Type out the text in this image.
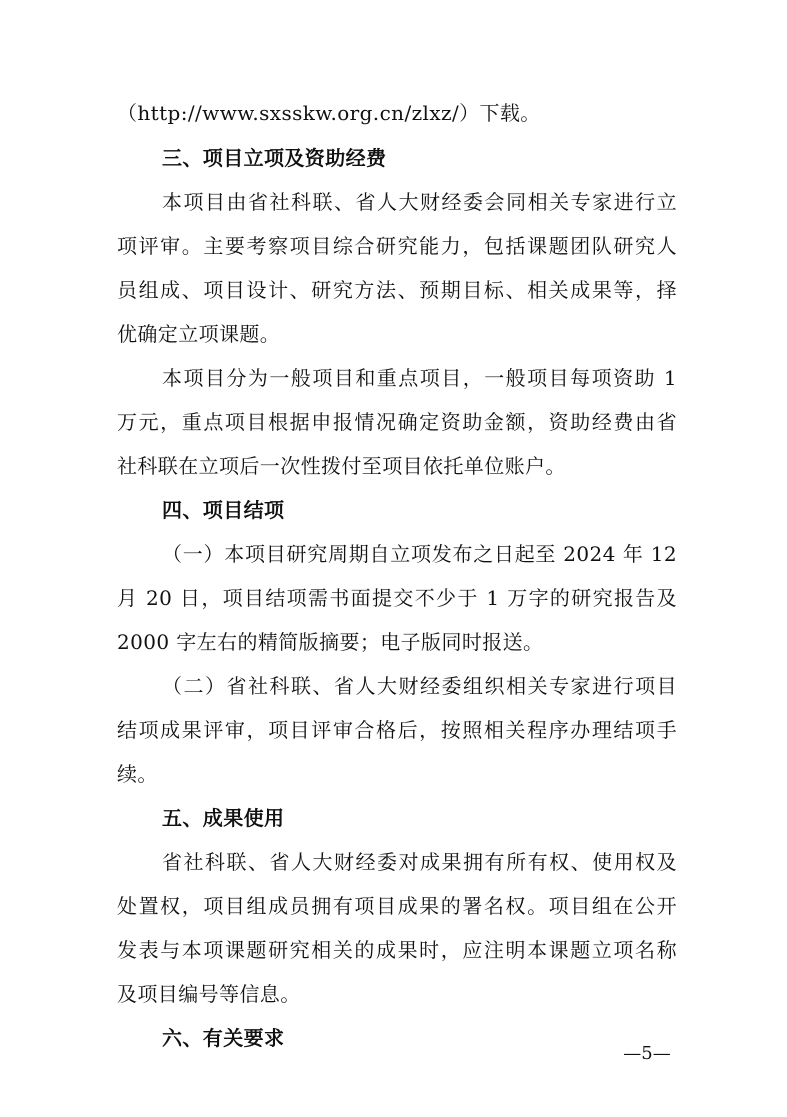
（http://www.sxsskw.org.cn/zlxz/）下载。
三、项目立项及资助经费
本项目由省社科联、省人大财经委会同相关专家进行立
项评审。主要考察项目综合研究能力，包括课题团队研究人
员组成、项目设计、研究方法、预期目标、相关成果等，择
优确定立项课题。
本项目分为一般项目和重点项目，一般项目每项资助 1
万元，重点项目根据申报情况确定资助金额，资助经费由省
社科联在立项后一次性拨付至项目依托单位账户。
四、项目结项
（一）本项目研究周期自立项发布之日起至 2024 年 12
月 20 日，项目结项需书面提交不少于 1 万字的研究报告及
2000 字左右的精简版摘要；电子版同时报送。
（二）省社科联、省人大财经委组织相关专家进行项目
结项成果评审，项目评审合格后，按照相关程序办理结项手
续。
五、成果使用
省社科联、省人大财经委对成果拥有所有权、使用权及
处置权，项目组成员拥有项目成果的署名权。项目组在公开
发表与本项课题研究相关的成果时，应注明本课题立项名称
及项目编号等信息。
六、有关要求
—5—
